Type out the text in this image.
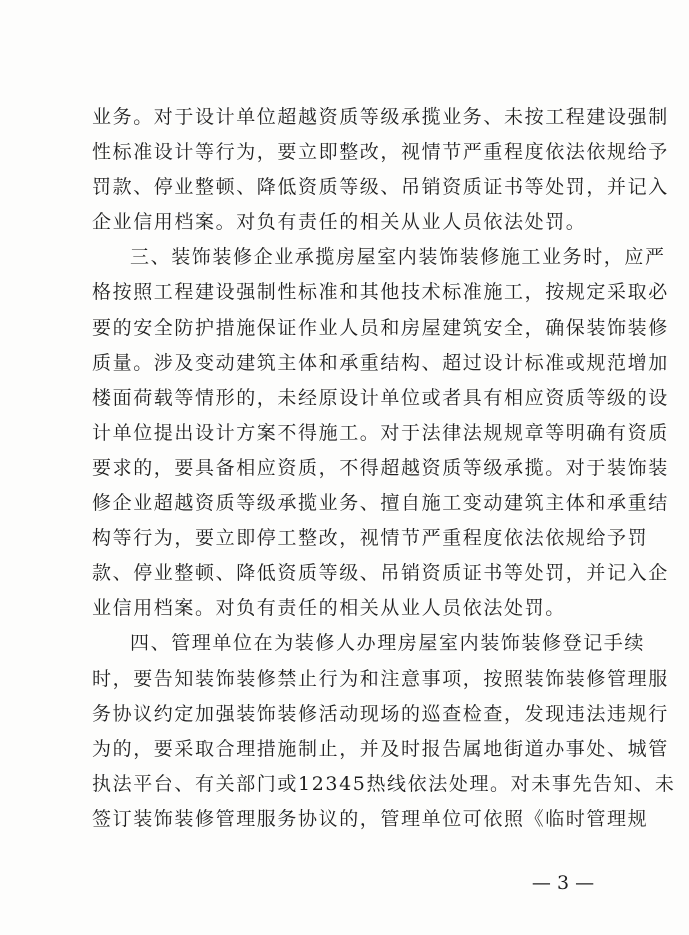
业务。对于设计单位超越资质等级承揽业务、未按工程建设强制
性标准设计等行为，要立即整改，视情节严重程度依法依规给予
罚款、停业整顿、降低资质等级、吊销资质证书等处罚，并记入
企业信用档案。对负有责任的相关从业人员依法处罚。
三、装饰装修企业承揽房屋室内装饰装修施工业务时，应严
格按照工程建设强制性标准和其他技术标准施工，按规定采取必
要的安全防护措施保证作业人员和房屋建筑安全，确保装饰装修
质量。涉及变动建筑主体和承重结构、超过设计标准或规范增加
楼面荷载等情形的，未经原设计单位或者具有相应资质等级的设
计单位提出设计方案不得施工。对于法律法规规章等明确有资质
要求的，要具备相应资质，不得超越资质等级承揽。对于装饰装
修企业超越资质等级承揽业务、擅自施工变动建筑主体和承重结
构等行为，要立即停工整改，视情节严重程度依法依规给予罚
款、停业整顿、降低资质等级、吊销资质证书等处罚，并记入企
业信用档案。对负有责任的相关从业人员依法处罚。
四、管理单位在为装修人办理房屋室内装饰装修登记手续
时，要告知装饰装修禁止行为和注意事项，按照装饰装修管理服
务协议约定加强装饰装修活动现场的巡查检查，发现违法违规行
为的，要采取合理措施制止，并及时报告属地街道办事处、城管
执法平台、有关部门或12345热线依法处理。对未事先告知、未
签订装饰装修管理服务协议的，管理单位可依照《临时管理规
— 3 —
